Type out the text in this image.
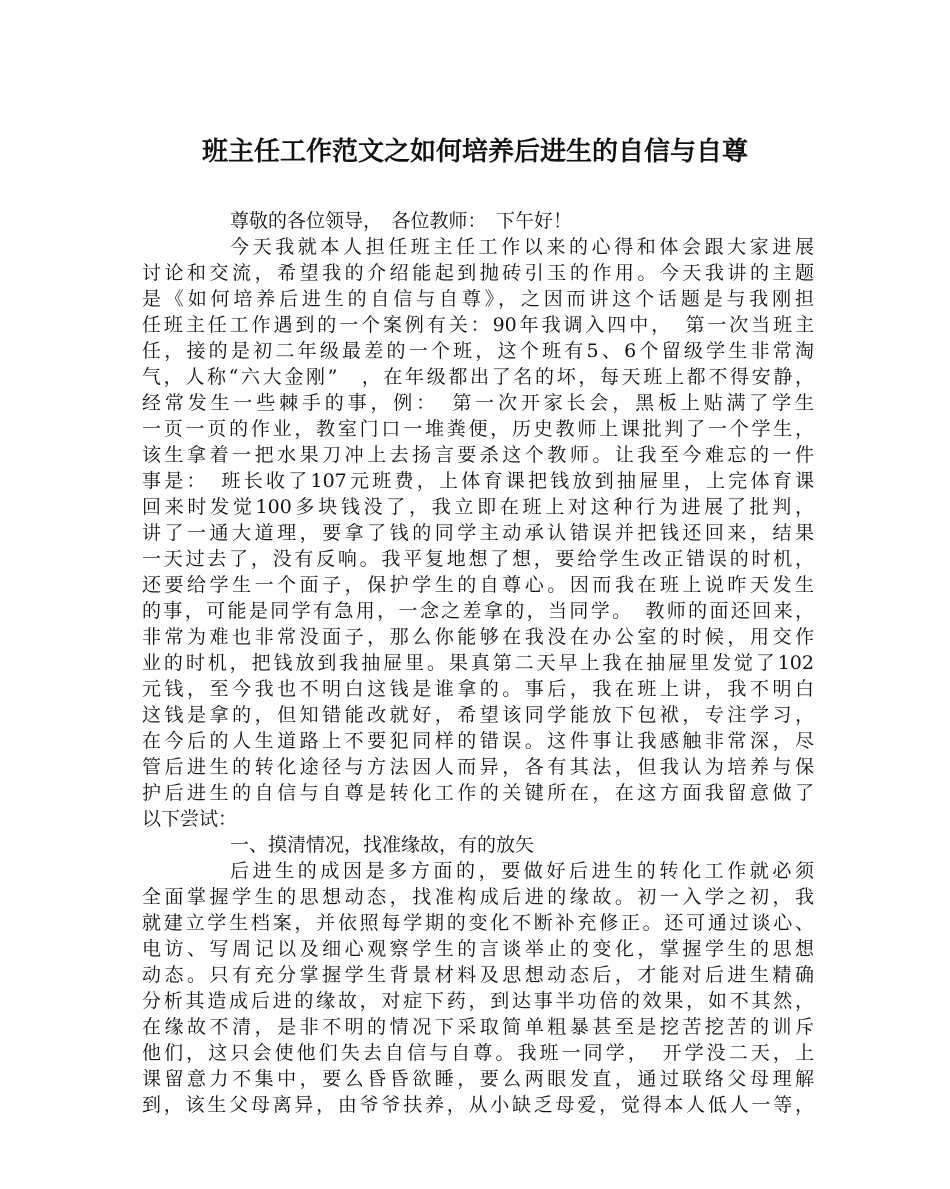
班主任工作范文之如何培养后进生的自信与自尊
尊敬的各位领导，　各位教师：　下午好！
今天我就本人担任班主任工作以来的心得和体会跟大家进展
讨论和交流，希望我的介绍能起到抛砖引玉的作用。今天我讲的主题
是《如何培养后进生的自信与自尊》，之因而讲这个话题是与我刚担
任班主任工作遇到的一个案例有关：90年我调入四中，　第一次当班主
任，接的是初二年级最差的一个班，这个班有5、6个留级学生非常淘
气，人称“六大金刚”　，在年级都出了名的坏，每天班上都不得安静，
经常发生一些棘手的事，例：　第一次开家长会，黑板上贴满了学生
一页一页的作业，教室门口一堆粪便，历史教师上课批判了一个学生，
该生拿着一把水果刀冲上去扬言要杀这个教师。让我至今难忘的一件
事是：　班长收了107元班费，上体育课把钱放到抽屉里，上完体育课
回来时发觉100多块钱没了，我立即在班上对这种行为进展了批判，
讲了一通大道理，要拿了钱的同学主动承认错误并把钱还回来，结果
一天过去了，没有反响。我平复地想了想，要给学生改正错误的时机，
还要给学生一个面子，保护学生的自尊心。因而我在班上说昨天发生
的事，可能是同学有急用，一念之差拿的，当同学。　教师的面还回来，
非常为难也非常没面子，那么你能够在我没在办公室的时候，用交作
业的时机，把钱放到我抽屉里。果真第二天早上我在抽屉里发觉了102
元钱，至今我也不明白这钱是谁拿的。事后，我在班上讲，我不明白
这钱是拿的，但知错能改就好，希望该同学能放下包袱，专注学习，
在今后的人生道路上不要犯同样的错误。这件事让我感触非常深，尽
管后进生的转化途径与方法因人而异，各有其法，但我认为培养与保
护后进生的自信与自尊是转化工作的关键所在，在这方面我留意做了
以下尝试：
一、摸清情况，找准缘故，有的放矢
后进生的成因是多方面的，要做好后进生的转化工作就必须
全面掌握学生的思想动态，找准构成后进的缘故。初一入学之初，我
就建立学生档案，并依照每学期的变化不断补充修正。还可通过谈心、
电访、写周记以及细心观察学生的言谈举止的变化，掌握学生的思想
动态。只有充分掌握学生背景材料及思想动态后，才能对后进生精确
分析其造成后进的缘故，对症下药，到达事半功倍的效果，如不其然，
在缘故不清，是非不明的情况下采取简单粗暴甚至是挖苦挖苦的训斥
他们，这只会使他们失去自信与自尊。我班一同学，　开学没二天，上
课留意力不集中，要么昏昏欲睡，要么两眼发直，通过联络父母理解
到，该生父母离异，由爷爷扶养，从小缺乏母爱，觉得本人低人一等，
